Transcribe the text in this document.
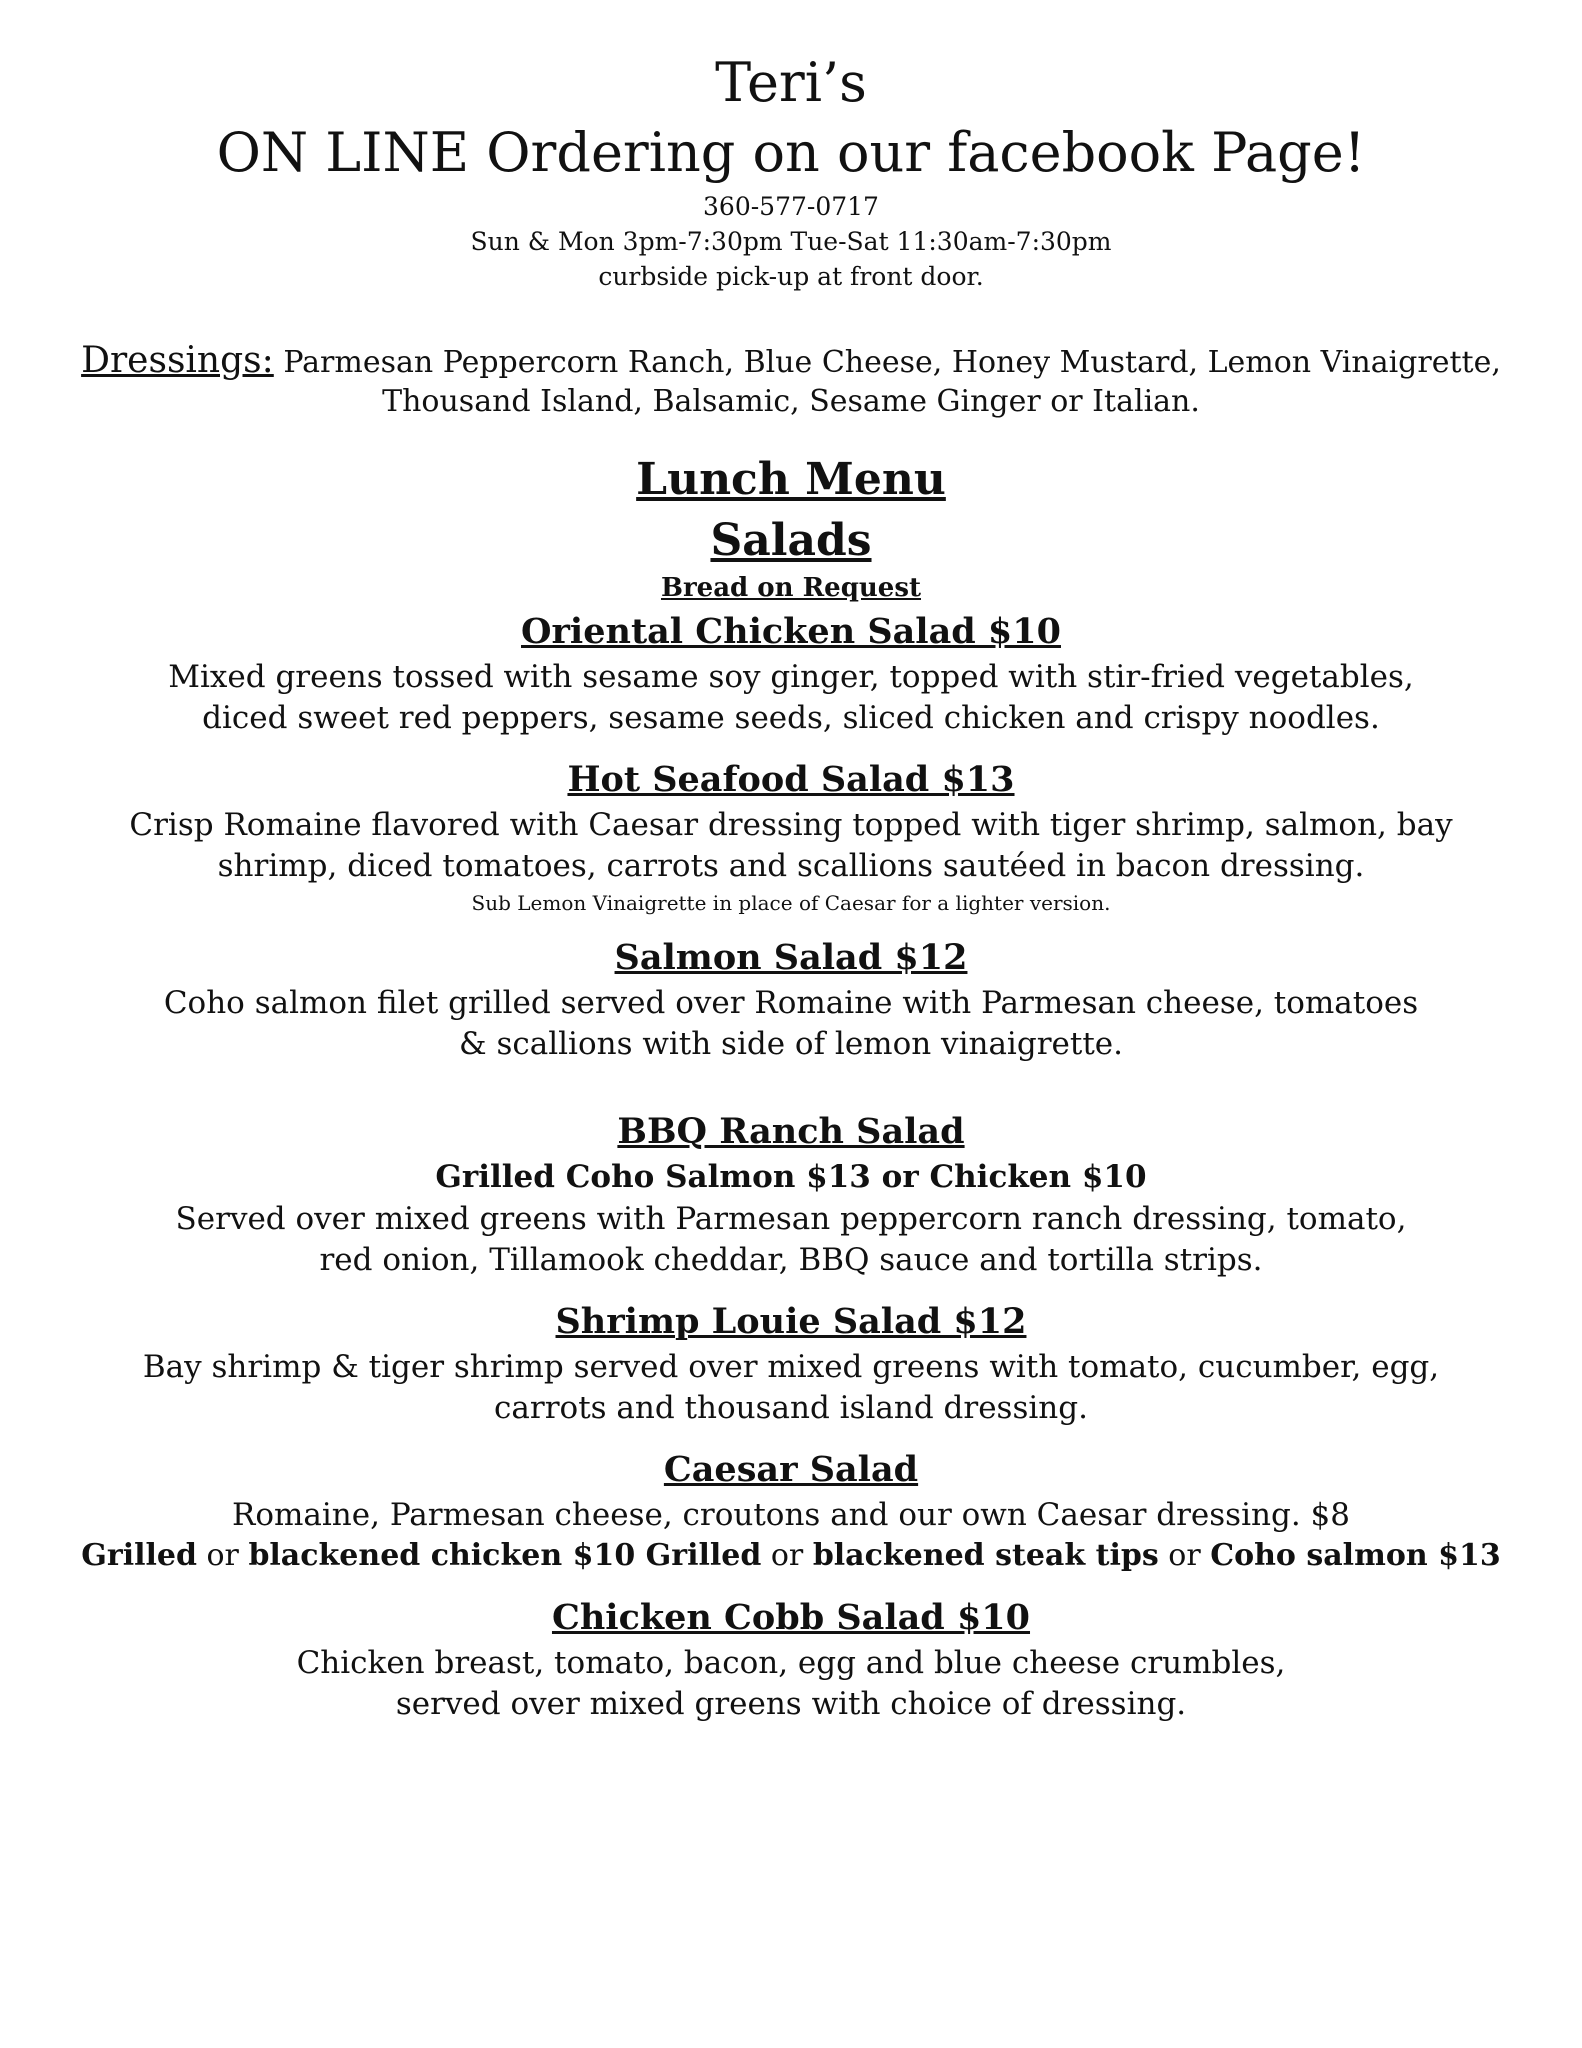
Teri’s
ON LINE Ordering on our facebook Page!
360-577-0717
Sun & Mon 3pm-7:30pm Tue-Sat 11:30am-7:30pm
curbside pick-up at front door.
Dressings: Parmesan Peppercorn Ranch, Blue Cheese, Honey Mustard, Lemon Vinaigrette,
Thousand Island, Balsamic, Sesame Ginger or Italian.
Lunch Menu
Salads
Bread on Request
Oriental Chicken Salad $10
Mixed greens tossed with sesame soy ginger, topped with stir-fried vegetables,
diced sweet red peppers, sesame seeds, sliced chicken and crispy noodles.
Hot Seafood Salad $13
Crisp Romaine flavored with Caesar dressing topped with tiger shrimp, salmon, bay
shrimp, diced tomatoes, carrots and scallions sautéed in bacon dressing.
Sub Lemon Vinaigrette in place of Caesar for a lighter version.
Salmon Salad $12
Coho salmon filet grilled served over Romaine with Parmesan cheese, tomatoes
& scallions with side of lemon vinaigrette.
BBQ Ranch Salad
Grilled Coho Salmon $13 or Chicken $10
Served over mixed greens with Parmesan peppercorn ranch dressing, tomato,
red onion, Tillamook cheddar, BBQ sauce and tortilla strips.
Shrimp Louie Salad $12
Bay shrimp & tiger shrimp served over mixed greens with tomato, cucumber, egg,
carrots and thousand island dressing.
Caesar Salad
Romaine, Parmesan cheese, croutons and our own Caesar dressing. $8
Grilled or blackened chicken $10 Grilled or blackened steak tips or Coho salmon $13
Chicken Cobb Salad $10
Chicken breast, tomato, bacon, egg and blue cheese crumbles,
served over mixed greens with choice of dressing.
